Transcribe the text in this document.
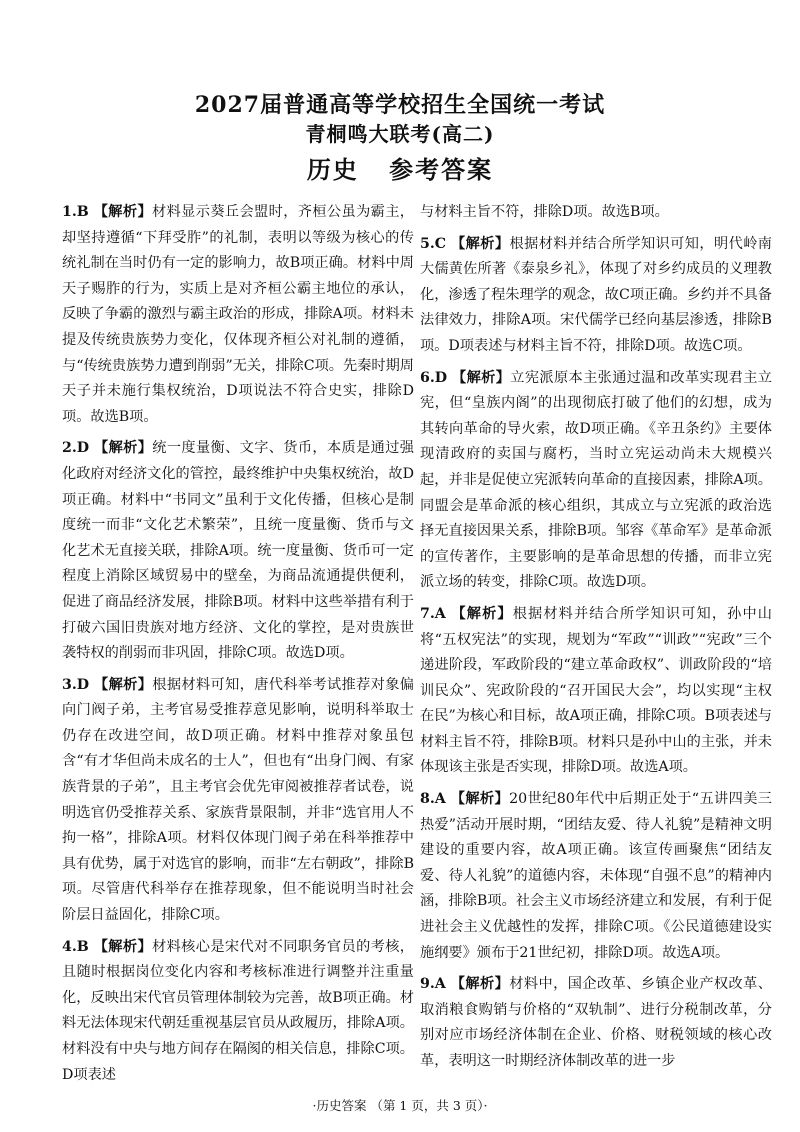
2027届普通高等学校招生全国统一考试
青桐鸣大联考(高二)
历史 参考答案

1.B 【解析】材料显示葵丘会盟时，齐桓公虽为霸主，却坚持遵循“下拜受胙”的礼制，表明以等级为核心的传统礼制在当时仍有一定的影响力，故B项正确。材料中周天子赐胙的行为，实质上是对齐桓公霸主地位的承认，反映了争霸的激烈与霸主政治的形成，排除A项。材料未提及传统贵族势力变化，仅体现齐桓公对礼制的遵循，与“传统贵族势力遭到削弱”无关，排除C项。先秦时期周天子并未施行集权统治，D项说法不符合史实，排除D项。故选B项。

2.D 【解析】统一度量衡、文字、货币，本质是通过强化政府对经济文化的管控，最终维护中央集权统治，故D项正确。材料中“书同文”虽利于文化传播，但核心是制度统一而非“文化艺术繁荣”，且统一度量衡、货币与文化艺术无直接关联，排除A项。统一度量衡、货币可一定程度上消除区域贸易中的壁垒，为商品流通提供便利，促进了商品经济发展，排除B项。材料中这些举措有利于打破六国旧贵族对地方经济、文化的掌控，是对贵族世袭特权的削弱而非巩固，排除C项。故选D项。

3.D 【解析】根据材料可知，唐代科举考试推荐对象偏向门阀子弟，主考官易受推荐意见影响，说明科举取士仍存在改进空间，故D项正确。材料中推荐对象虽包含“有才华但尚未成名的士人”，但也有“出身门阀、有家族背景的子弟”，且主考官会优先审阅被推荐者试卷，说明选官仍受推荐关系、家族背景限制，并非“选官用人不拘一格”，排除A项。材料仅体现门阀子弟在科举推荐中具有优势，属于对选官的影响，而非“左右朝政”，排除B项。尽管唐代科举存在推荐现象，但不能说明当时社会阶层日益固化，排除C项。

4.B 【解析】材料核心是宋代对不同职务官员的考核，且随时根据岗位变化内容和考核标准进行调整并注重量化，反映出宋代官员管理体制较为完善，故B项正确。材料无法体现宋代朝廷重视基层官员从政履历，排除A项。材料没有中央与地方间存在隔阂的相关信息，排除C项。D项表述

与材料主旨不符，排除D项。故选B项。

5.C 【解析】根据材料并结合所学知识可知，明代岭南大儒黄佐所著《泰泉乡礼》，体现了对乡约成员的义理教化，渗透了程朱理学的观念，故C项正确。乡约并不具备法律效力，排除A项。宋代儒学已经向基层渗透，排除B项。D项表述与材料主旨不符，排除D项。故选C项。

6.D 【解析】立宪派原本主张通过温和改革实现君主立宪，但“皇族内阁”的出现彻底打破了他们的幻想，成为其转向革命的导火索，故D项正确。《辛丑条约》主要体现清政府的卖国与腐朽，当时立宪运动尚未大规模兴起，并非是促使立宪派转向革命的直接因素，排除A项。同盟会是革命派的核心组织，其成立与立宪派的政治选择无直接因果关系，排除B项。邹容《革命军》是革命派的宣传著作，主要影响的是革命思想的传播，而非立宪派立场的转变，排除C项。故选D项。

7.A 【解析】根据材料并结合所学知识可知，孙中山将“五权宪法”的实现，规划为“军政”“训政”“宪政”三个递进阶段，军政阶段的“建立革命政权”、训政阶段的“培训民众”、宪政阶段的“召开国民大会”，均以实现“主权在民”为核心和目标，故A项正确，排除C项。B项表述与材料主旨不符，排除B项。材料只是孙中山的主张，并未体现该主张是否实现，排除D项。故选A项。

8.A 【解析】20世纪80年代中后期正处于“五讲四美三热爱”活动开展时期，“团结友爱、待人礼貌”是精神文明建设的重要内容，故A项正确。该宣传画聚焦“团结友爱、待人礼貌”的道德内容，未体现“自强不息”的精神内涵，排除B项。社会主义市场经济建立和发展，有利于促进社会主义优越性的发挥，排除C项。《公民道德建设实施纲要》颁布于21世纪初，排除D项。故选A项。

9.A 【解析】材料中，国企改革、乡镇企业产权改革、取消粮食购销与价格的“双轨制”、进行分税制改革，分别对应市场经济体制在企业、价格、财税领域的核心改革，表明这一时期经济体制改革的进一步

·历史答案 （第 1 页，共 3 页）·
